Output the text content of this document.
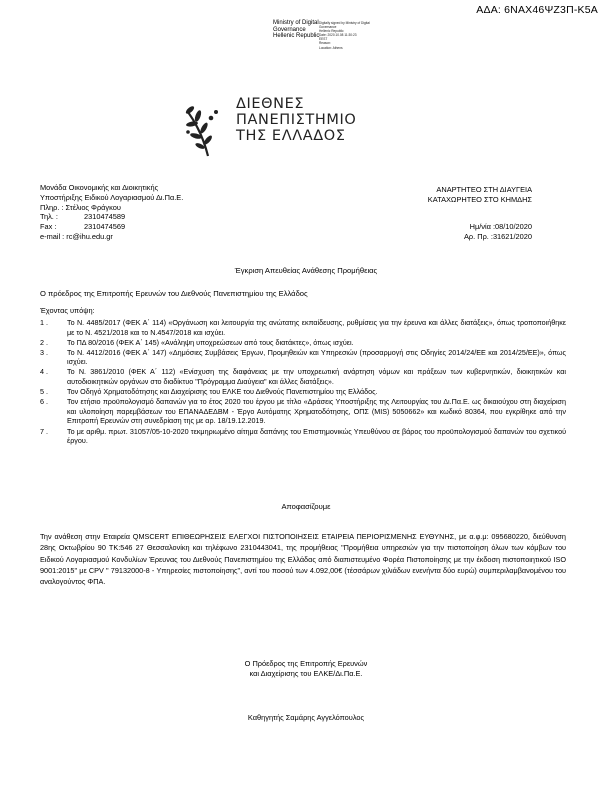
ΑΔΑ: 6ΝΑΧ46ΨΖ3Π-Κ5Α
Ministry of Digital
Governance
Hellenic Republic
Digitally signed by Ministry of Digital
Governance
Hellenic Republic
Date: 2020.10.08 11:30:23
EEST
Reason:
Location: Athens
ΔΙΕΘΝΕΣ
ΠΑΝΕΠΙΣΤΗΜΙΟ
ΤΗΣ ΕΛΛΑΔΟΣ
Μονάδα Οικονομικής και Διοικητικής
Υποστήριξης Ειδικού Λογαριασμού Δι.Πα.Ε.
Πληρ. : Στέλιος Φράγκου
Τηλ. :	2310474589
Fax :	2310474569
e-mail : rc@ihu.edu.gr
ΑΝΑΡΤΗΤΕΟ ΣΤΗ ΔΙΑΥΓΕΙΑ
ΚΑΤΑΧΩΡΗΤΕΟ ΣΤΟ ΚΗΜΔΗΣ
Ημ/νία :08/10/2020
Αρ. Πρ. :31621/2020
Έγκριση Απευθείας Ανάθεσης Προμήθειας
Ο πρόεδρος της Επιτροπής Ερευνών του Διεθνούς Πανεπιστημίου της Ελλάδος
Έχοντας υπόψη:
1 .	Το Ν. 4485/2017 (ΦΕΚ Α΄ 114) «Οργάνωση και λειτουργία της ανώτατης εκπαίδευσης, ρυθμίσεις για την έρευνα και άλλες διατάξεις», όπως τροποποιήθηκε με το Ν. 4521/2018 και το Ν.4547/2018 και ισχύει.
2 .	Το ΠΔ 80/2016 (ΦΕΚ Α΄ 145) «Ανάληψη υποχρεώσεων από τους διατάκτες», όπως ισχύει.
3 .	Το Ν. 4412/2016 (ΦΕΚ Α΄ 147) «Δημόσιες Συμβάσεις Έργων, Προμηθειών και Υπηρεσιών (προσαρμογή στις Οδηγίες 2014/24/ΕΕ και 2014/25/ΕΕ)», όπως ισχύει.
4 .	Το Ν. 3861/2010 (ΦΕΚ Α΄ 112) «Ενίσχυση της διαφάνειας με την υποχρεωτική ανάρτηση νόμων και πράξεων των κυβερνητικών, διοικητικών και αυτοδιοικητικών οργάνων στο διαδίκτυο "Πρόγραμμα Διαύγεια" και άλλες διατάξεις».
5 .	Τον Οδηγό Χρηματοδότησης και Διαχείρισης του ΕΛΚΕ του Διεθνούς Πανεπιστημίου της Ελλάδος.
6 .	Τον ετήσιο προϋπολογισμό δαπανών για το έτος 2020 του έργου με τίτλο «Δράσεις Υποστήριξης της Λειτουργίας του Δι.Πα.Ε. ως δικαιούχου στη διαχείριση και υλοποίηση παρεμβάσεων του ΕΠΑΝΑΔΕΔΒΜ - Έργο Αυτόματης Χρηματοδότησης, ΟΠΣ (MIS) 5050662» και κωδικό 80364, που εγκρίθηκε από την Επιτροπή Ερευνών στη συνεδρίαση της με αρ. 18/19.12.2019.
7 .	Το με αριθμ. πρωτ. 31057/05-10-2020 τεκμηριωμένο αίτημα δαπάνης του Επιστημονικώς Υπευθύνου σε βάρος του προϋπολογισμού δαπανών του σχετικού έργου.
Αποφασίζουμε
Την ανάθεση στην Εταιρεία QMSCERT ΕΠΙΘΕΩΡΗΣΕΙΣ ΕΛΕΓΧΟΙ ΠΙΣΤΟΠΟΙΗΣΕΙΣ ΕΤΑΙΡΕΙΑ ΠΕΡΙΟΡΙΣΜΕΝΗΣ ΕΥΘΥΝΗΣ, με α.φ.μ: 095680220, διεύθυνση 28ης Οκτωβρίου 90 ΤΚ:546 27 Θεσσαλονίκη και τηλέφωνο 2310443041, της προμήθειας "Προμήθεια υπηρεσιών για την πιστοποίηση όλων των κόμβων του Ειδικού Λογαριασμού Κονδυλίων Έρευνας του Διεθνούς Πανεπιστημίου της Ελλάδας από διαπιστευμένο Φορέα Πιστοποίησης με την έκδοση πιστοποιητικού ISO 9001:2015" με CPV " 79132000-8 - Υπηρεσίες πιστοποίησης", αντί του ποσού των 4.092,00€ (τέσσάρων χιλιάδων ενενήντα δύο ευρώ) συμπεριλαμβανομένου του αναλογούντος ΦΠΑ.
Ο Πρόεδρος της Επιτροπής Ερευνών
και Διαχείρισης του ΕΛΚΕ/Δι.Πα.Ε.
Καθηγητής Σαμάρης Αγγελόπουλος
